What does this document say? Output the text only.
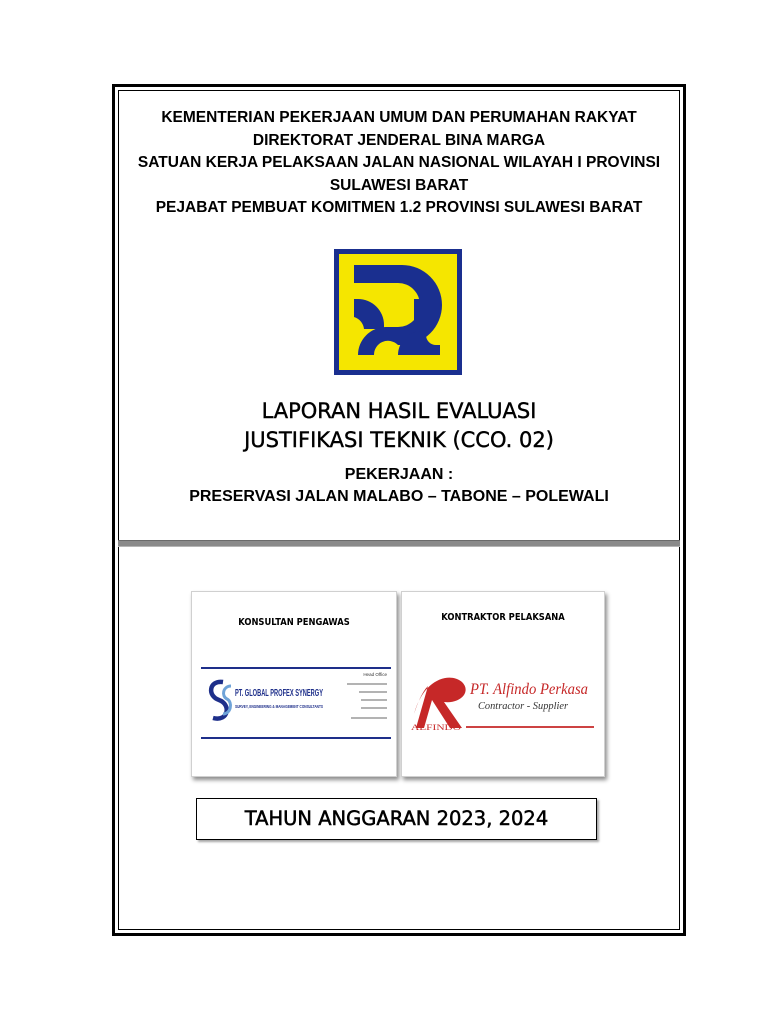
KEMENTERIAN PEKERJAAN UMUM DAN PERUMAHAN RAKYAT
DIREKTORAT JENDERAL BINA MARGA
SATUAN KERJA PELAKSAAN JALAN NASIONAL WILAYAH I PROVINSI
SULAWESI BARAT
PEJABAT PEMBUAT KOMITMEN 1.2 PROVINSI SULAWESI BARAT
LAPORAN HASIL EVALUASI
JUSTIFIKASI TEKNIK (CCO. 02)
PEKERJAAN :
PRESERVASI JALAN MALABO – TABONE – POLEWALI
KONSULTAN PENGAWAS
PT. GLOBAL PROFEX SYNERGY
SURVEY, ENGINEERING & MANAGEMENT CONSULTANTS
Head Office
KONTRAKTOR PELAKSANA
ALFINDO
PT. Alfindo Perkasa
Contractor - Supplier
TAHUN ANGGARAN 2023, 2024
